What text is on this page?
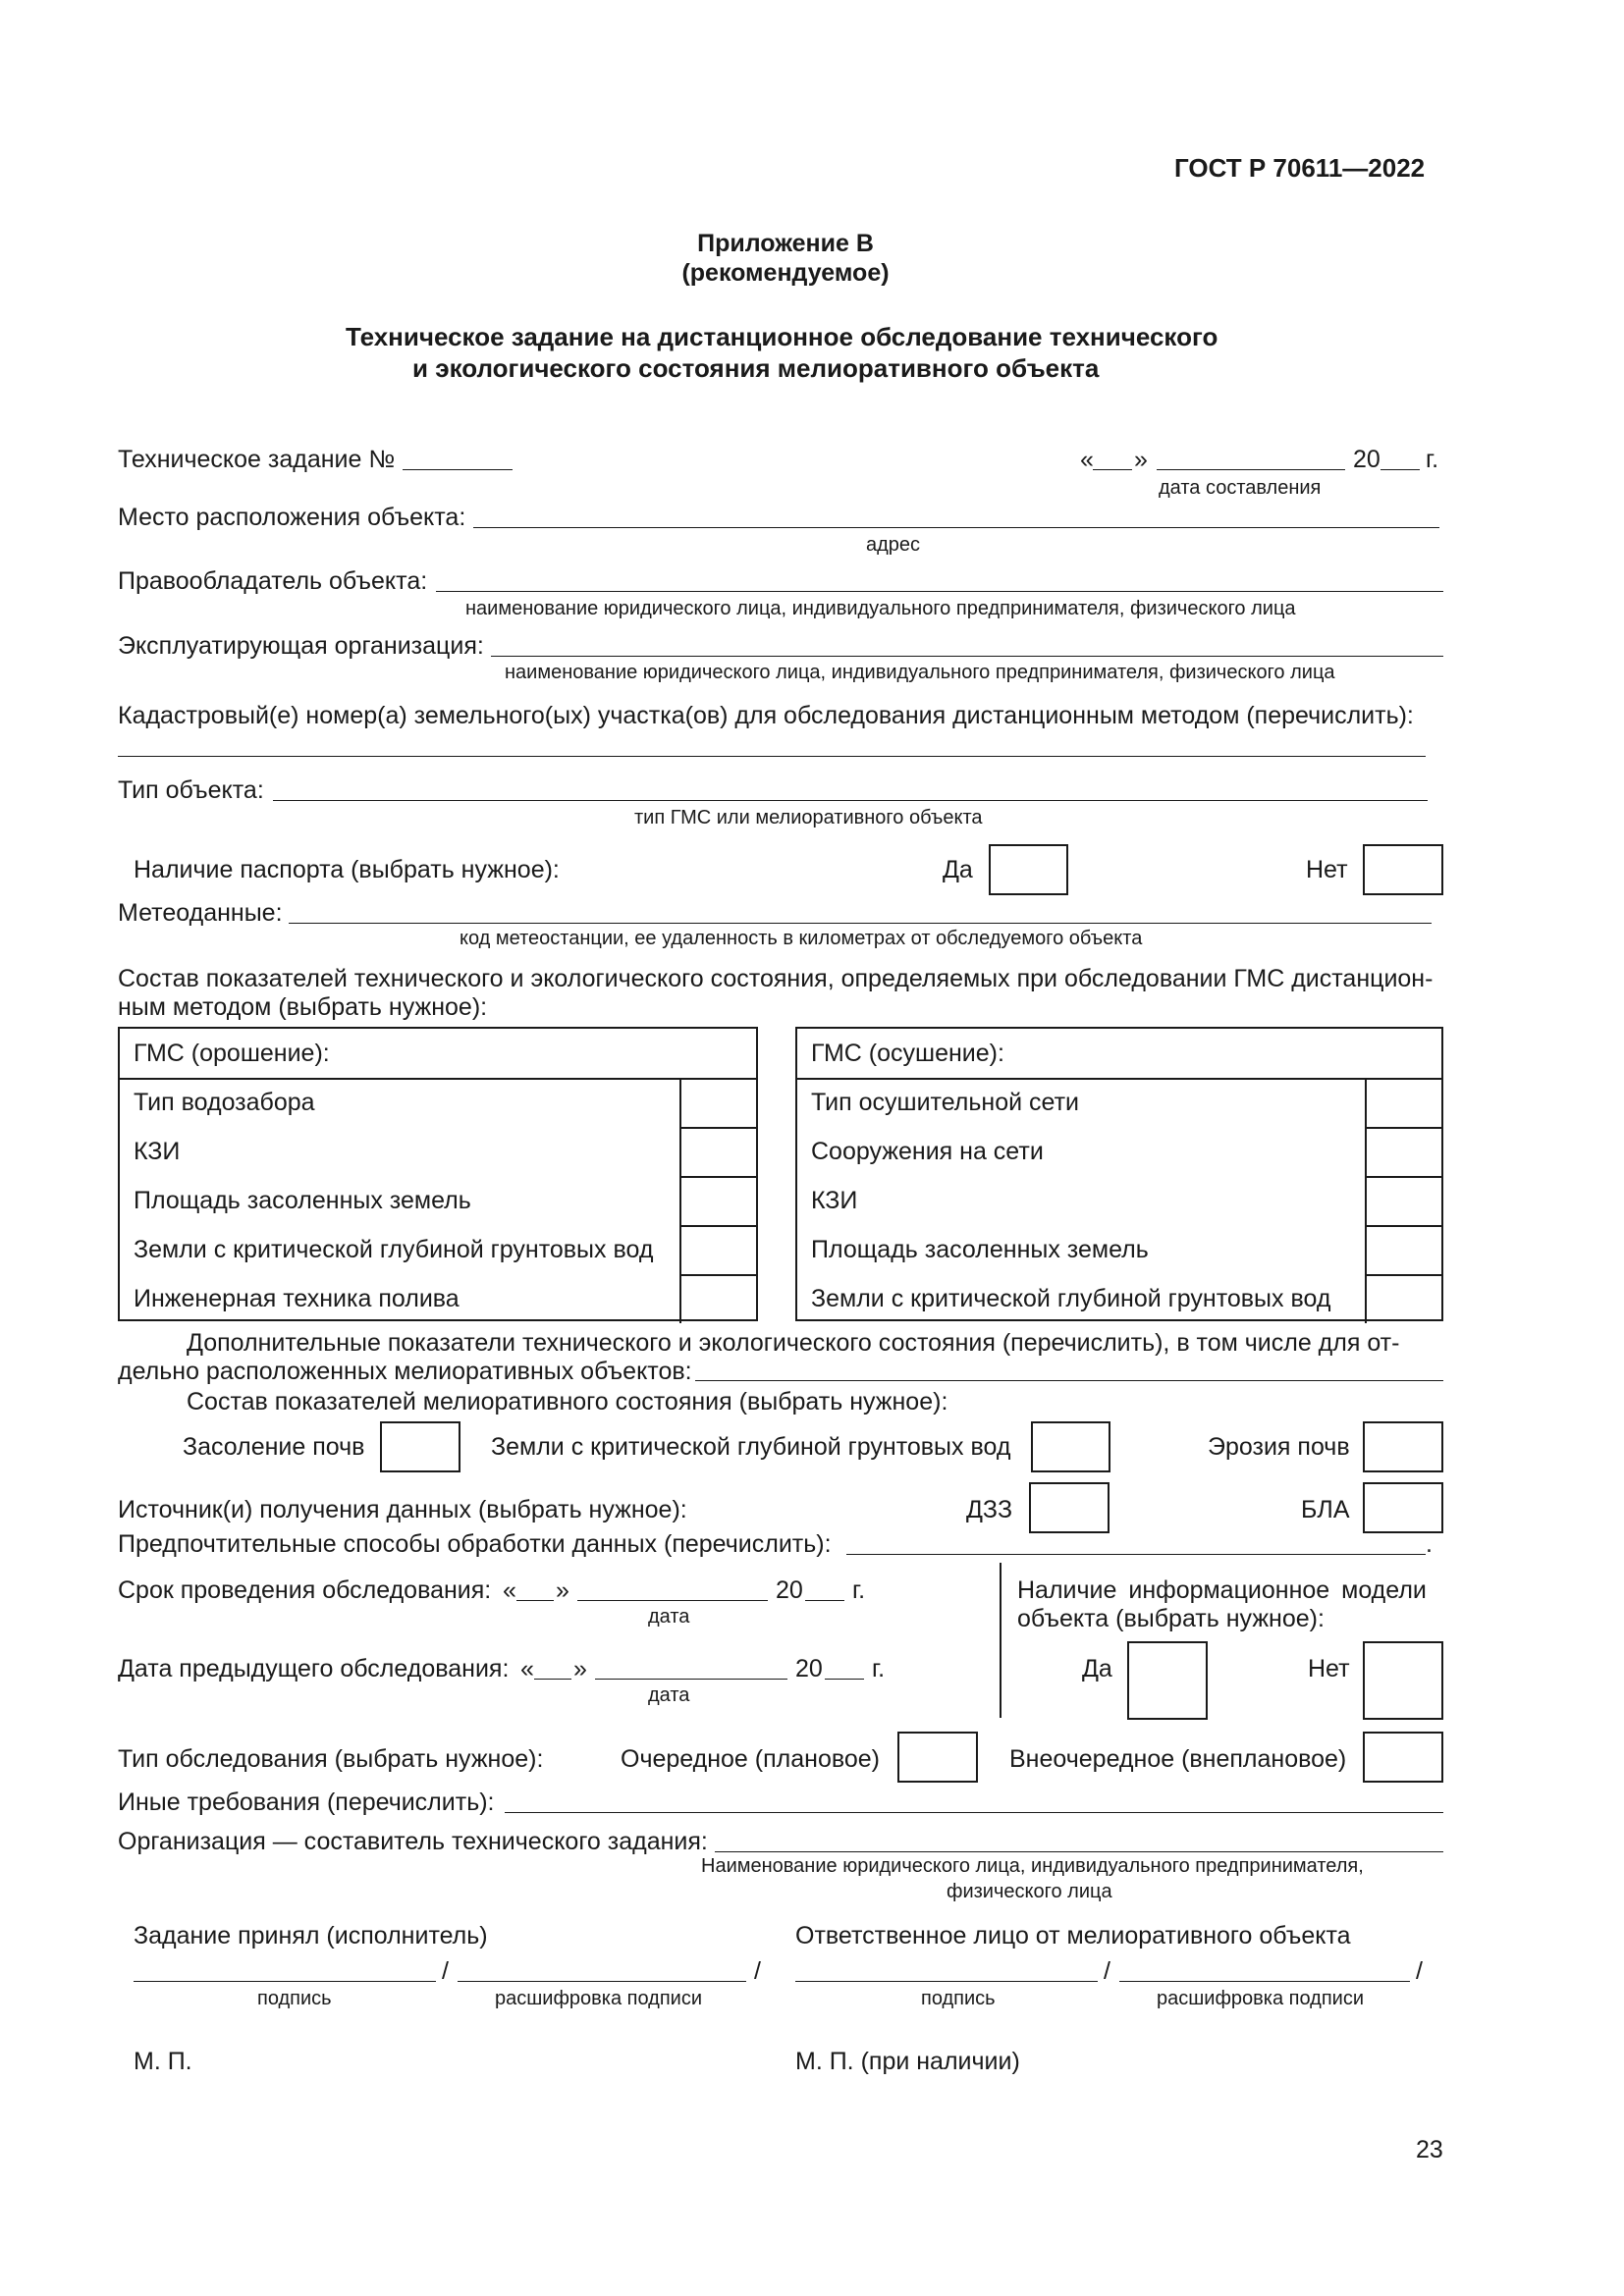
ГОСТ Р 70611—2022
Приложение В
(рекомендуемое)
Техническое задание на дистанционное обследование технического
и экологического состояния мелиоративного объекта
Техническое задание №	« »	20 г.
дата составления
Место расположения объекта:
адрес
Правообладатель объекта:
наименование юридического лица, индивидуального предпринимателя, физического лица
Эксплуатирующая организация:
наименование юридического лица, индивидуального предпринимателя, физического лица
Кадастровый(е) номер(а) земельного(ых) участка(ов) для обследования дистанционным методом (перечислить):
Тип объекта:
тип ГМС или мелиоративного объекта
Наличие паспорта (выбрать нужное):	Да	Нет
Метеоданные:
код метеостанции, ее удаленность в километрах от обследуемого объекта
Состав показателей технического и экологического состояния, определяемых при обследовании ГМС дистанцион-
ным методом (выбрать нужное):
ГМС (орошение):
Тип водозабора
КЗИ
Площадь засоленных земель
Земли с критической глубиной грунтовых вод
Инженерная техника полива
ГМС (осушение):
Тип осушительной сети
Сооружения на сети
КЗИ
Площадь засоленных земель
Земли с критической глубиной грунтовых вод
Дополнительные показатели технического и экологического состояния (перечислить), в том числе для от-
дельно расположенных мелиоративных объектов:
Состав показателей мелиоративного состояния (выбрать нужное):
Засоление почв	Земли с критической глубиной грунтовых вод	Эрозия почв
Источник(и) получения данных (выбрать нужное):	ДЗЗ	БЛА
Предпочтительные способы обработки данных (перечислить):	.
Срок проведения обследования: « »	20 г.
дата
Наличие информационное модели
объекта (выбрать нужное):
Дата предыдущего обследования: « »	20 г.
дата
Да	Нет
Тип обследования (выбрать нужное):	Очередное (плановое)	Внеочередное (внеплановое)
Иные требования (перечислить):
Организация — составитель технического задания:
Наименование юридического лица, индивидуального предпринимателя,
физического лица
Задание принял (исполнитель)
/	/
подпись	расшифровка подписи
Ответственное лицо от мелиоративного объекта
/	/
подпись	расшифровка подписи
М. П.	М. П. (при наличии)
23
